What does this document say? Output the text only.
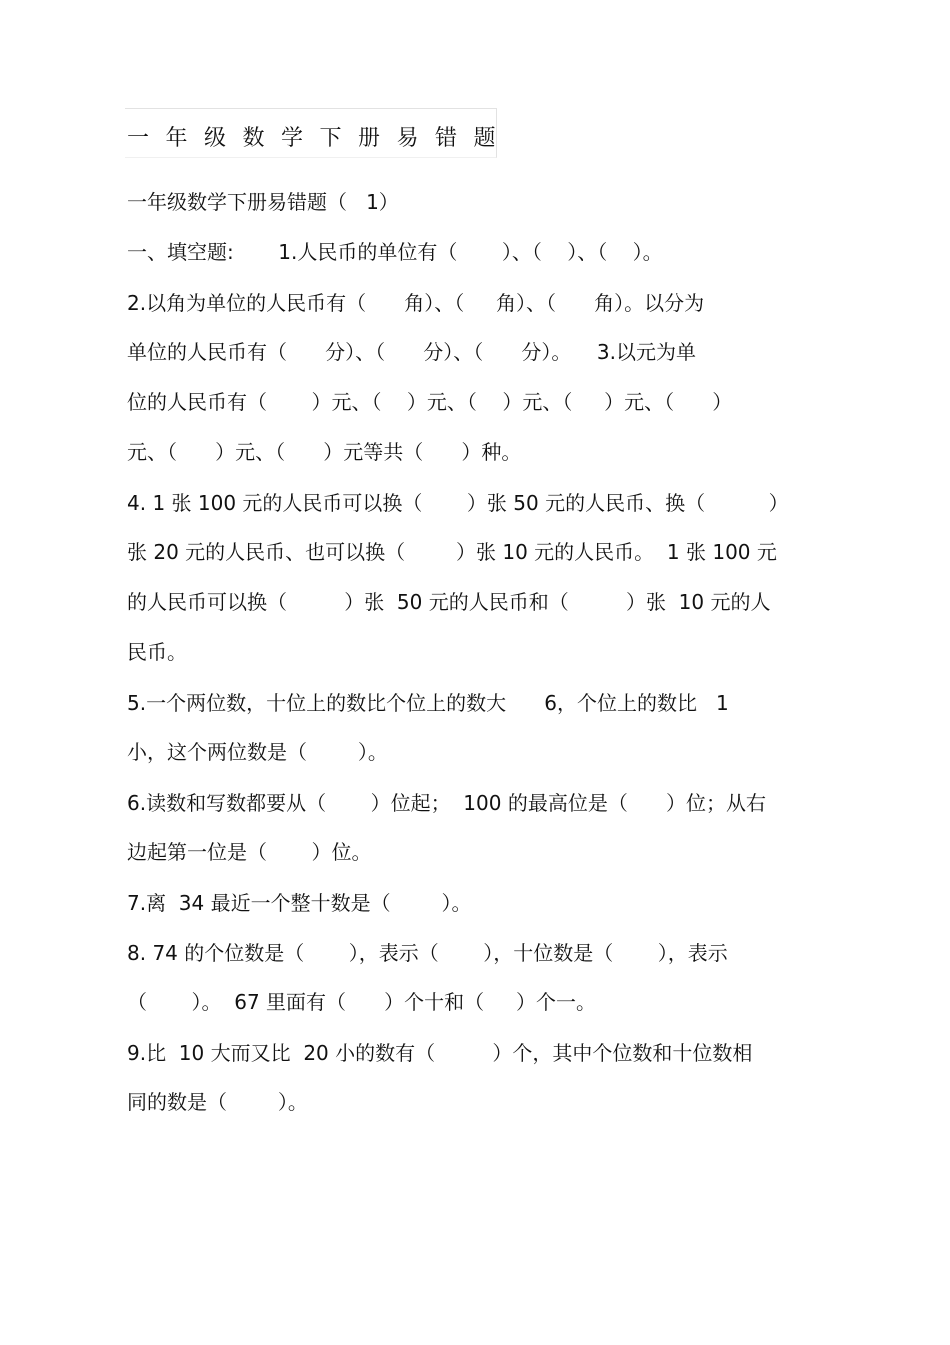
一年级数学下册易错题
一年级数学下册易错题（   1）
一、填空题:       1.人民币的单位有（       ）、（    ）、（    ）。
2.以角为单位的人民币有（      角）、（     角）、（      角）。以分为
单位的人民币有（      分）、（      分）、（      分）。    3.以元为单
位的人民币有（       ）元、（    ）元、（    ）元、（     ）元、（      ）
元、（      ）元、（      ）元等共（      ）种。
4. 1 张 100 元的人民币可以换（       ）张 50 元的人民币、换（          ）
张 20 元的人民币、也可以换（        ）张 10 元的人民币。  1 张 100 元
的人民币可以换（         ）张  50 元的人民币和（         ）张  10 元的人
民币。
5.一个两位数，十位上的数比个位上的数大      6，个位上的数比   1
小，这个两位数是（        ）。
6.读数和写数都要从（       ）位起；  100 的最高位是（      ）位；从右
边起第一位是（       ）位。
7.离  34 最近一个整十数是（        ）。
8. 74 的个位数是（       ），表示（       ），十位数是（       ），表示
（       ）。  67 里面有（      ）个十和（     ）个一。
9.比  10 大而又比  20 小的数有（         ）个，其中个位数和十位数相
同的数是（        ）。
